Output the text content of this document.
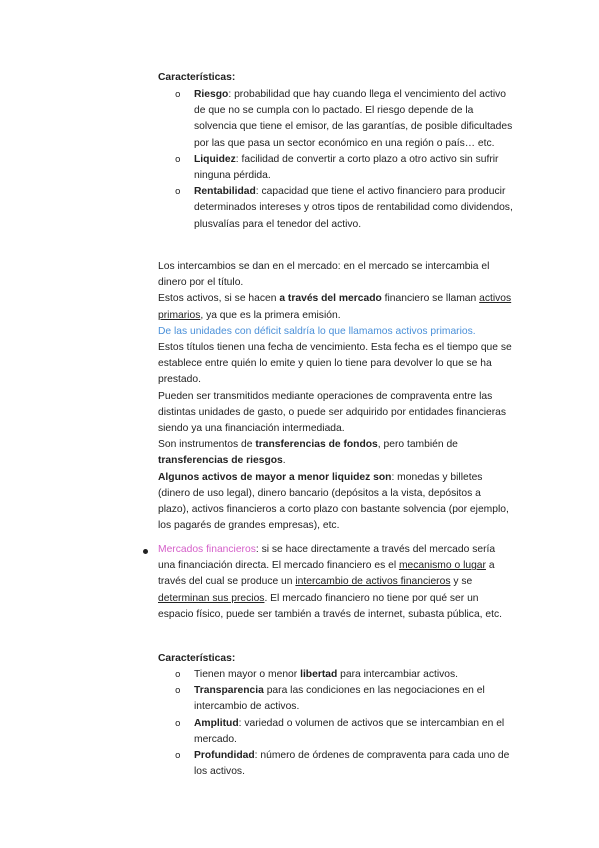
Características:
o Riesgo: probabilidad que hay cuando llega el vencimiento del activo de que no se cumpla con lo pactado. El riesgo depende de la solvencia que tiene el emisor, de las garantías, de posible dificultades por las que pasa un sector económico en una región o país… etc.
o Liquidez: facilidad de convertir a corto plazo a otro activo sin sufrir ninguna pérdida.
o Rentabilidad: capacidad que tiene el activo financiero para producir determinados intereses y otros tipos de rentabilidad como dividendos, plusvalías para el tenedor del activo.

Los intercambios se dan en el mercado: en el mercado se intercambia el dinero por el título.

Estos activos, si se hacen a través del mercado financiero se llaman activos primarios, ya que es la primera emisión.

De las unidades con déficit saldría lo que llamamos activos primarios.

Estos títulos tienen una fecha de vencimiento. Esta fecha es el tiempo que se establece entre quién lo emite y quien lo tiene para devolver lo que se ha prestado.

Pueden ser transmitidos mediante operaciones de compraventa entre las distintas unidades de gasto, o puede ser adquirido por entidades financieras siendo ya una financiación intermediada.

Son instrumentos de transferencias de fondos, pero también de transferencias de riesgos.

Algunos activos de mayor a menor liquidez son: monedas y billetes (dinero de uso legal), dinero bancario (depósitos a la vista, depósitos a plazo), activos financieros a corto plazo con bastante solvencia (por ejemplo, los pagarés de grandes empresas), etc.

Mercados financieros: si se hace directamente a través del mercado sería una financiación directa. El mercado financiero es el mecanismo o lugar a través del cual se produce un intercambio de activos financieros y se determinan sus precios. El mercado financiero no tiene por qué ser un espacio físico, puede ser también a través de internet, subasta pública, etc.
Características:
o Tienen mayor o menor libertad para intercambiar activos.
o Transparencia para las condiciones en las negociaciones en el intercambio de activos.
o Amplitud: variedad o volumen de activos que se intercambian en el mercado.
o Profundidad: número de órdenes de compraventa para cada uno de los activos.
